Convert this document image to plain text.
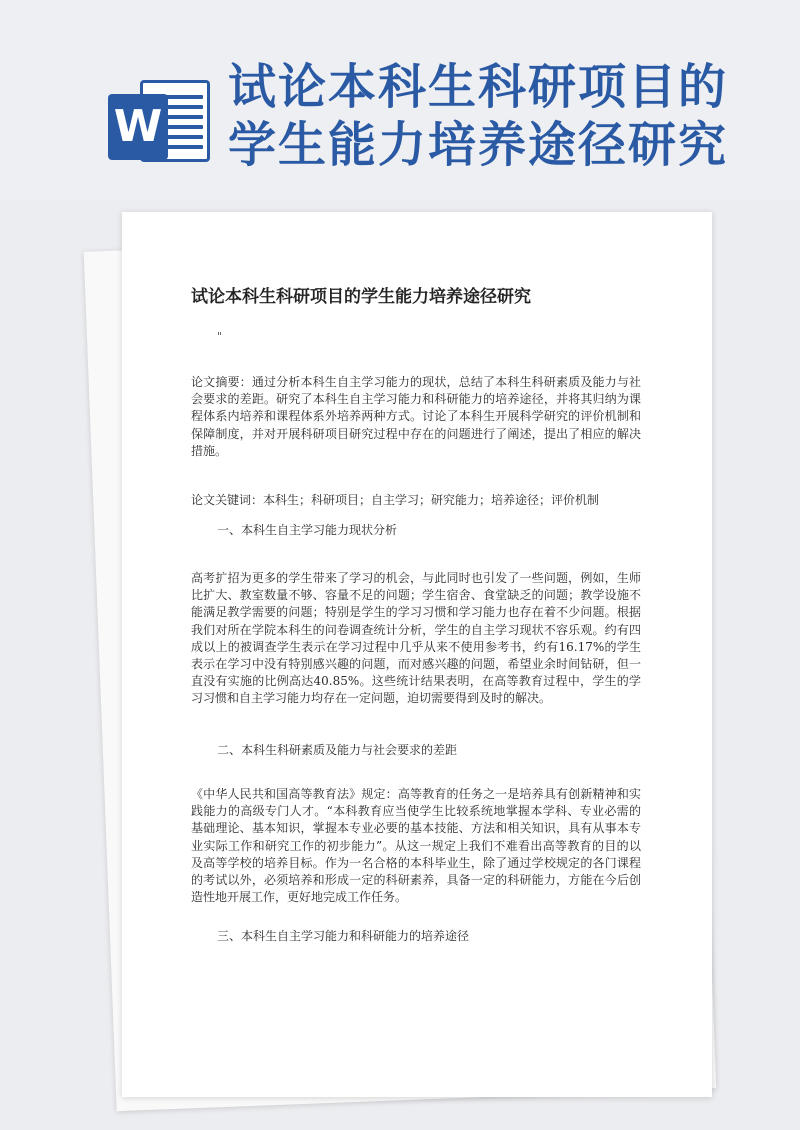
W
试论本科生科研项目的
学生能力培养途径研究
试论本科生科研项目的学生能力培养途径研究
"
论文摘要：通过分析本科生自主学习能力的现状，总结了本科生科研素质及能力与社会要求的差距。研究了本科生自主学习能力和科研能力的培养途径，并将其归纳为课程体系内培养和课程体系外培养两种方式。讨论了本科生开展科学研究的评价机制和保障制度，并对开展科研项目研究过程中存在的问题进行了阐述，提出了相应的解决措施。
论文关键词：本科生；科研项目；自主学习；研究能力；培养途径；评价机制
一、本科生自主学习能力现状分析
高考扩招为更多的学生带来了学习的机会，与此同时也引发了一些问题，例如，生师比扩大、教室数量不够、容量不足的问题；学生宿舍、食堂缺乏的问题；教学设施不能满足教学需要的问题；特别是学生的学习习惯和学习能力也存在着不少问题。根据我们对所在学院本科生的问卷调查统计分析，学生的自主学习现状不容乐观。约有四成以上的被调查学生表示在学习过程中几乎从来不使用参考书，约有16.17%的学生表示在学习中没有特别感兴趣的问题，而对感兴趣的问题，希望业余时间钻研，但一直没有实施的比例高达40.85%。这些统计结果表明，在高等教育过程中，学生的学习习惯和自主学习能力均存在一定问题，迫切需要得到及时的解决。
二、本科生科研素质及能力与社会要求的差距
《中华人民共和国高等教育法》规定：高等教育的任务之一是培养具有创新精神和实践能力的高级专门人才。“本科教育应当使学生比较系统地掌握本学科、专业必需的基础理论、基本知识，掌握本专业必要的基本技能、方法和相关知识，具有从事本专业实际工作和研究工作的初步能力”。从这一规定上我们不难看出高等教育的目的以及高等学校的培养目标。作为一名合格的本科毕业生，除了通过学校规定的各门课程的考试以外，必须培养和形成一定的科研素养，具备一定的科研能力，方能在今后创造性地开展工作，更好地完成工作任务。
三、本科生自主学习能力和科研能力的培养途径
